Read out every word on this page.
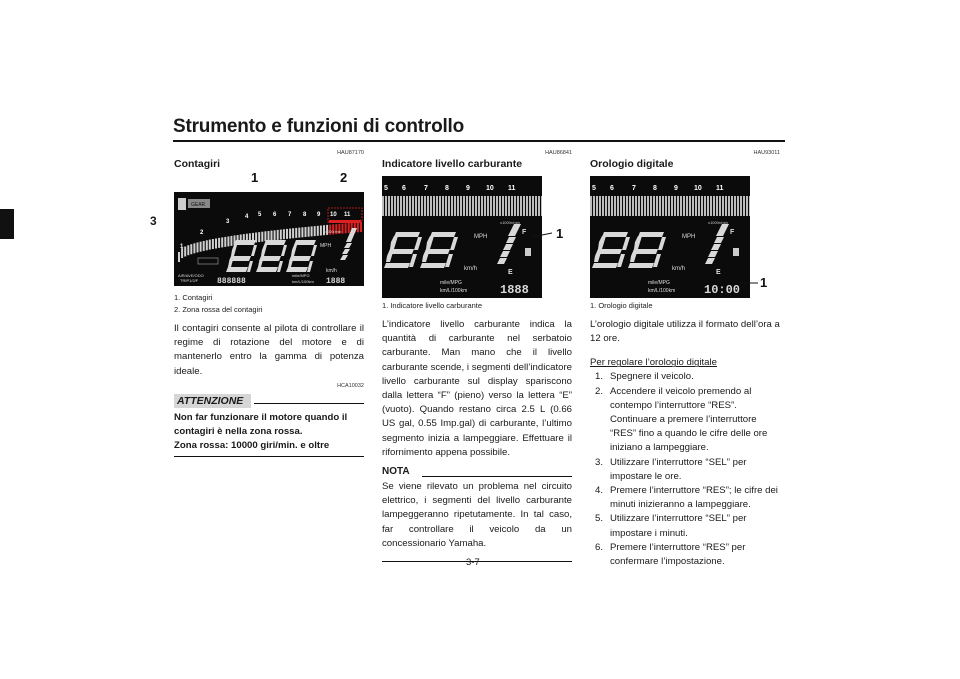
Strumento e funzioni di controllo
3
HAU87170
Contagiri
1	2
GEAR
1
2
3
4 5 6 7 8 9 10 11
x1000r/min
MPH
km/h
AIR/AVE/ODO
TRIP1/2/F 888888	1888
mile/MPG
km/L/100km
1. Contagiri
2. Zona rossa del contagiri
Il contagiri consente al pilota di controllare il regime di rotazione del motore e di mantenerlo entro la gamma di potenza ideale.
HCA10032
ATTENZIONE
Non far funzionare il motore quando il contagiri è nella zona rossa.
Zona rossa: 10000 giri/min. e oltre
HAU86841
Indicatore livello carburante
5 6	7 8 9 10 11
x1000r/min
MPH
km/h
F
E
mile/MPG
km/L/100km	1888
1
1. Indicatore livello carburante
L’indicatore livello carburante indica la quantità di carburante nel serbatoio carburante. Man mano che il livello carburante scende, i segmenti dell’indicatore livello carburante sul display spariscono dalla lettera “F” (pieno) verso la lettera “E” (vuoto). Quando restano circa 2.5 L (0.66 US gal, 0.55 Imp.gal) di carburante, l’ultimo segmento inizia a lampeggiare. Effettuare il rifornimento appena possibile.
NOTA
Se viene rilevato un problema nel circuito elettrico, i segmenti del livello carburante lampeggeranno ripetutamente. In tal caso, far controllare il veicolo da un concessionario Yamaha.
HAU93011
Orologio digitale
5 6	7 8 9 10 11
x1000r/min
MPH
km/h
F
E
mile/MPG
km/L/100km 10:00 1
1. Orologio digitale
L’orologio digitale utilizza il formato dell’ora a 12 ore.
Per regolare l’orologio digitale
1. Spegnere il veicolo.
2. Accendere il veicolo premendo al contempo l’interruttore “RES”. Continuare a premere l’interruttore “RES” fino a quando le cifre delle ore iniziano a lampeggiare.
3. Utilizzare l’interruttore “SEL” per impostare le ore.
4. Premere l’interruttore “RES”; le cifre dei minuti inizieranno a lampeggiare.
5. Utilizzare l’interruttore “SEL” per impostare i minuti.
6. Premere l’interruttore “RES” per confermare l’impostazione.
3-7
